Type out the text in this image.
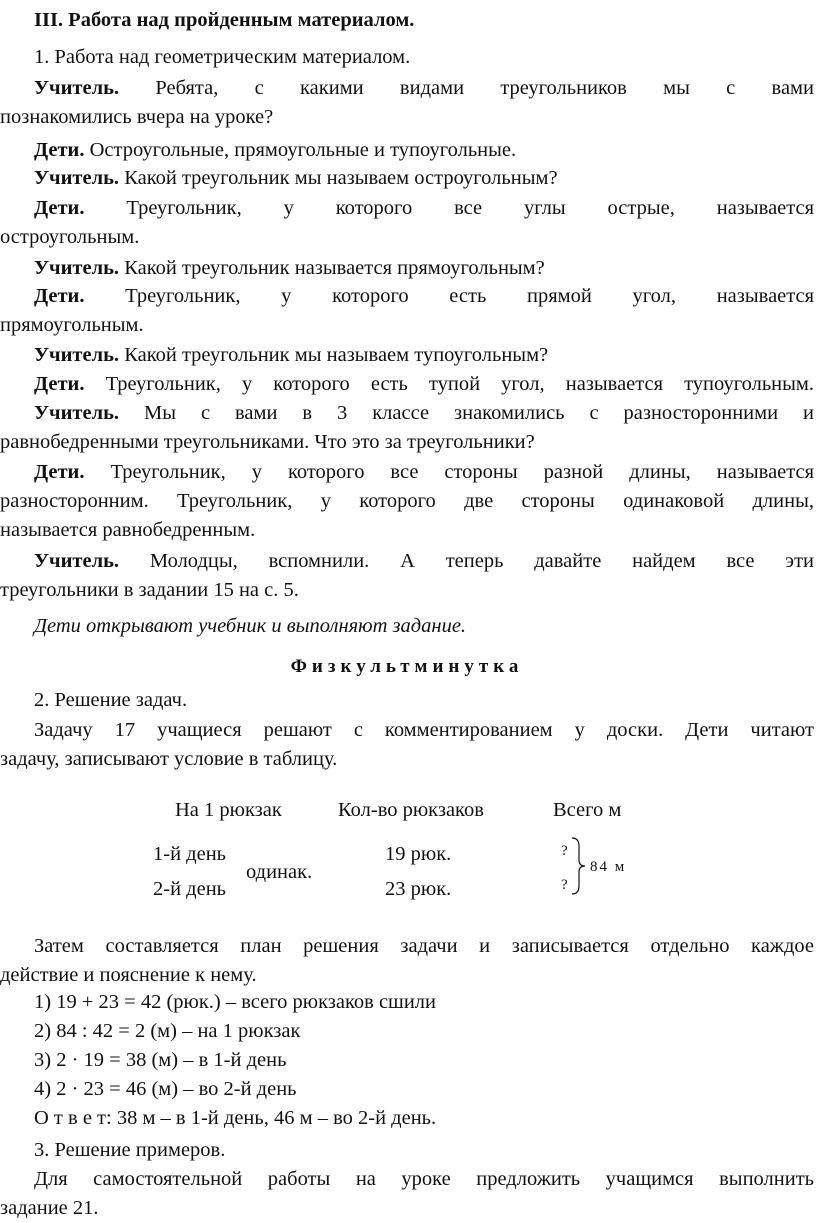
III. Работа над пройденным материалом.
1. Работа над геометрическим материалом.
Учитель. Ребята, с какими видами треугольников мы с вами
познакомились вчера на уроке?
Дети. Остроугольные, прямоугольные и тупоугольные.
Учитель. Какой треугольник мы называем остроугольным?
Дети. Треугольник, у которого все углы острые, называется
остроугольным.
Учитель. Какой треугольник называется прямоугольным?
Дети. Треугольник, у которого есть прямой угол, называется
прямоугольным.
Учитель. Какой треугольник мы называем тупоугольным?
Дети. Треугольник, у которого есть тупой угол, называется тупоугольным.
Учитель. Мы с вами в 3 классе знакомились с разносторонними и
равнобедренными треугольниками. Что это за треугольники?
Дети. Треугольник, у которого все стороны разной длины, называется
разносторонним. Треугольник, у которого две стороны одинаковой длины,
называется равнобедренным.
Учитель. Молодцы, вспомнили. А теперь давайте найдем все эти
треугольники в задании 15 на с. 5.
Дети открывают учебник и выполняют задание.
Физкультминутка
2. Решение задач.
Задачу 17 учащиеся решают с комментированием у доски. Дети читают
задачу, записывают условие в таблицу.
На 1 рюкзак	Кол-во рюкзаков	Всего м
1-й день
2-й день
одинак.
19 рюк.
23 рюк.
?
?
84 м
Затем составляется план решения задачи и записывается отдельно каждое
действие и пояснение к нему.
1) 19 + 23 = 42 (рюк.) – всего рюкзаков сшили
2) 84 : 42 = 2 (м) – на 1 рюкзак
3) 2 · 19 = 38 (м) – в 1-й день
4) 2 · 23 = 46 (м) – во 2-й день
О т в е т: 38 м – в 1-й день, 46 м – во 2-й день.
3. Решение примеров.
Для самостоятельной работы на уроке предложить учащимся выполнить
задание 21.
